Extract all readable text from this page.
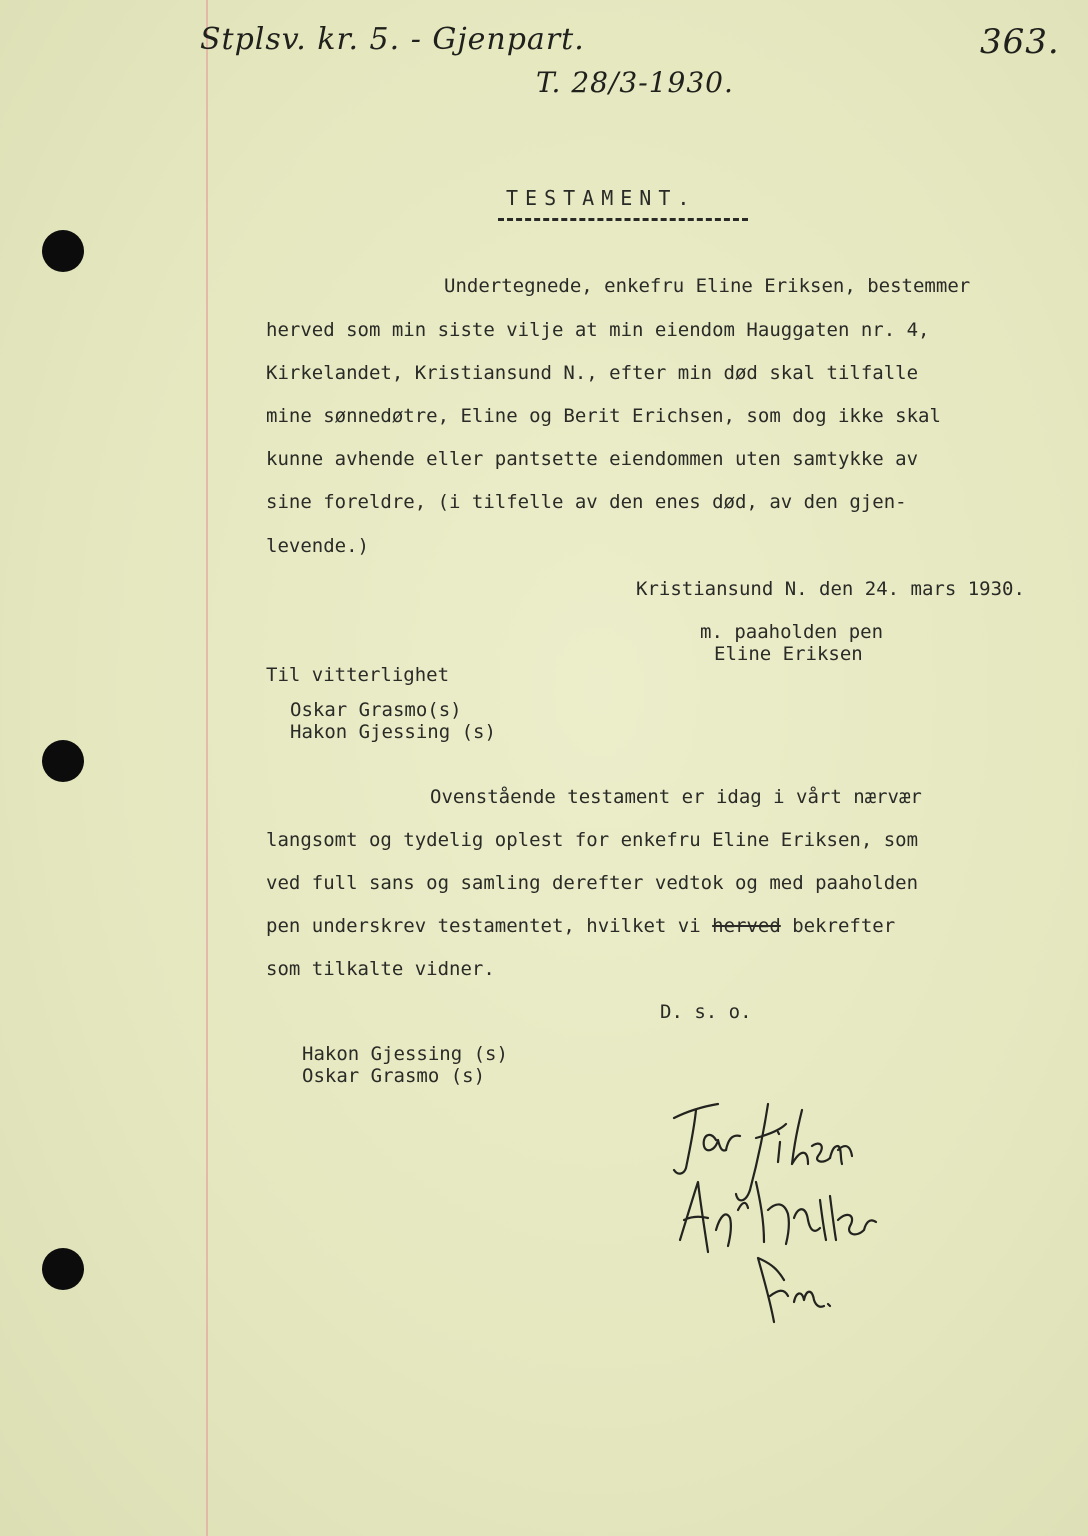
Stplsv. kr. 5. - Gjenpart.
T. 28/3-1930.
363.
TESTAMENT.
Undertegnede, enkefru Eline Eriksen, bestemmer
herved som min siste vilje at min eiendom Hauggaten nr. 4,
Kirkelandet, Kristiansund N., efter min død skal tilfalle
mine sønnedøtre, Eline og Berit Erichsen, som dog ikke skal
kunne avhende eller pantsette eiendommen uten samtykke av
sine foreldre, (i tilfelle av den enes død, av den gjen-
levende.)
Kristiansund N. den 24. mars 1930.
m. paaholden pen
Eline Eriksen
Til vitterlighet
Oskar Grasmo(s)
Hakon Gjessing (s)
Ovenstående testament er idag i vårt nærvær
langsomt og tydelig oplest for enkefru Eline Eriksen, som
ved full sans og samling derefter vedtok og med paaholden
pen underskrev testamentet, hvilket vi herved bekrefter
som tilkalte vidner.
D. s. o.
Hakon Gjessing (s)
Oskar Grasmo (s)
